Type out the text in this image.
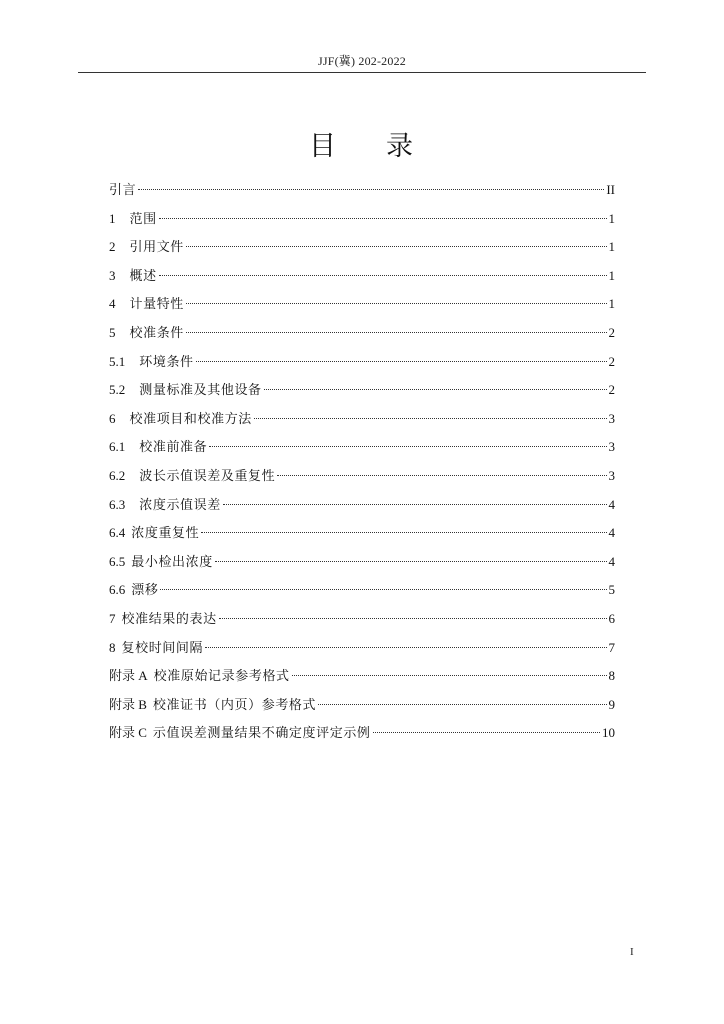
JJF(冀) 202-2022
目 录
引言	II
1 范围	1
2 引用文件	1
3 概述	1
4 计量特性	1
5 校准条件	2
5.1 环境条件	2
5.2 测量标准及其他设备	2
6 校准项目和校准方法	3
6.1 校准前准备	3
6.2 波长示值误差及重复性	3
6.3 浓度示值误差	4
6.4 浓度重复性	4
6.5 最小检出浓度	4
6.6 漂移	5
7 校准结果的表达	6
8 复校时间间隔	7
附录 A 校准原始记录参考格式	8
附录 B 校准证书（内页）参考格式	9
附录 C 示值误差测量结果不确定度评定示例	10
I
